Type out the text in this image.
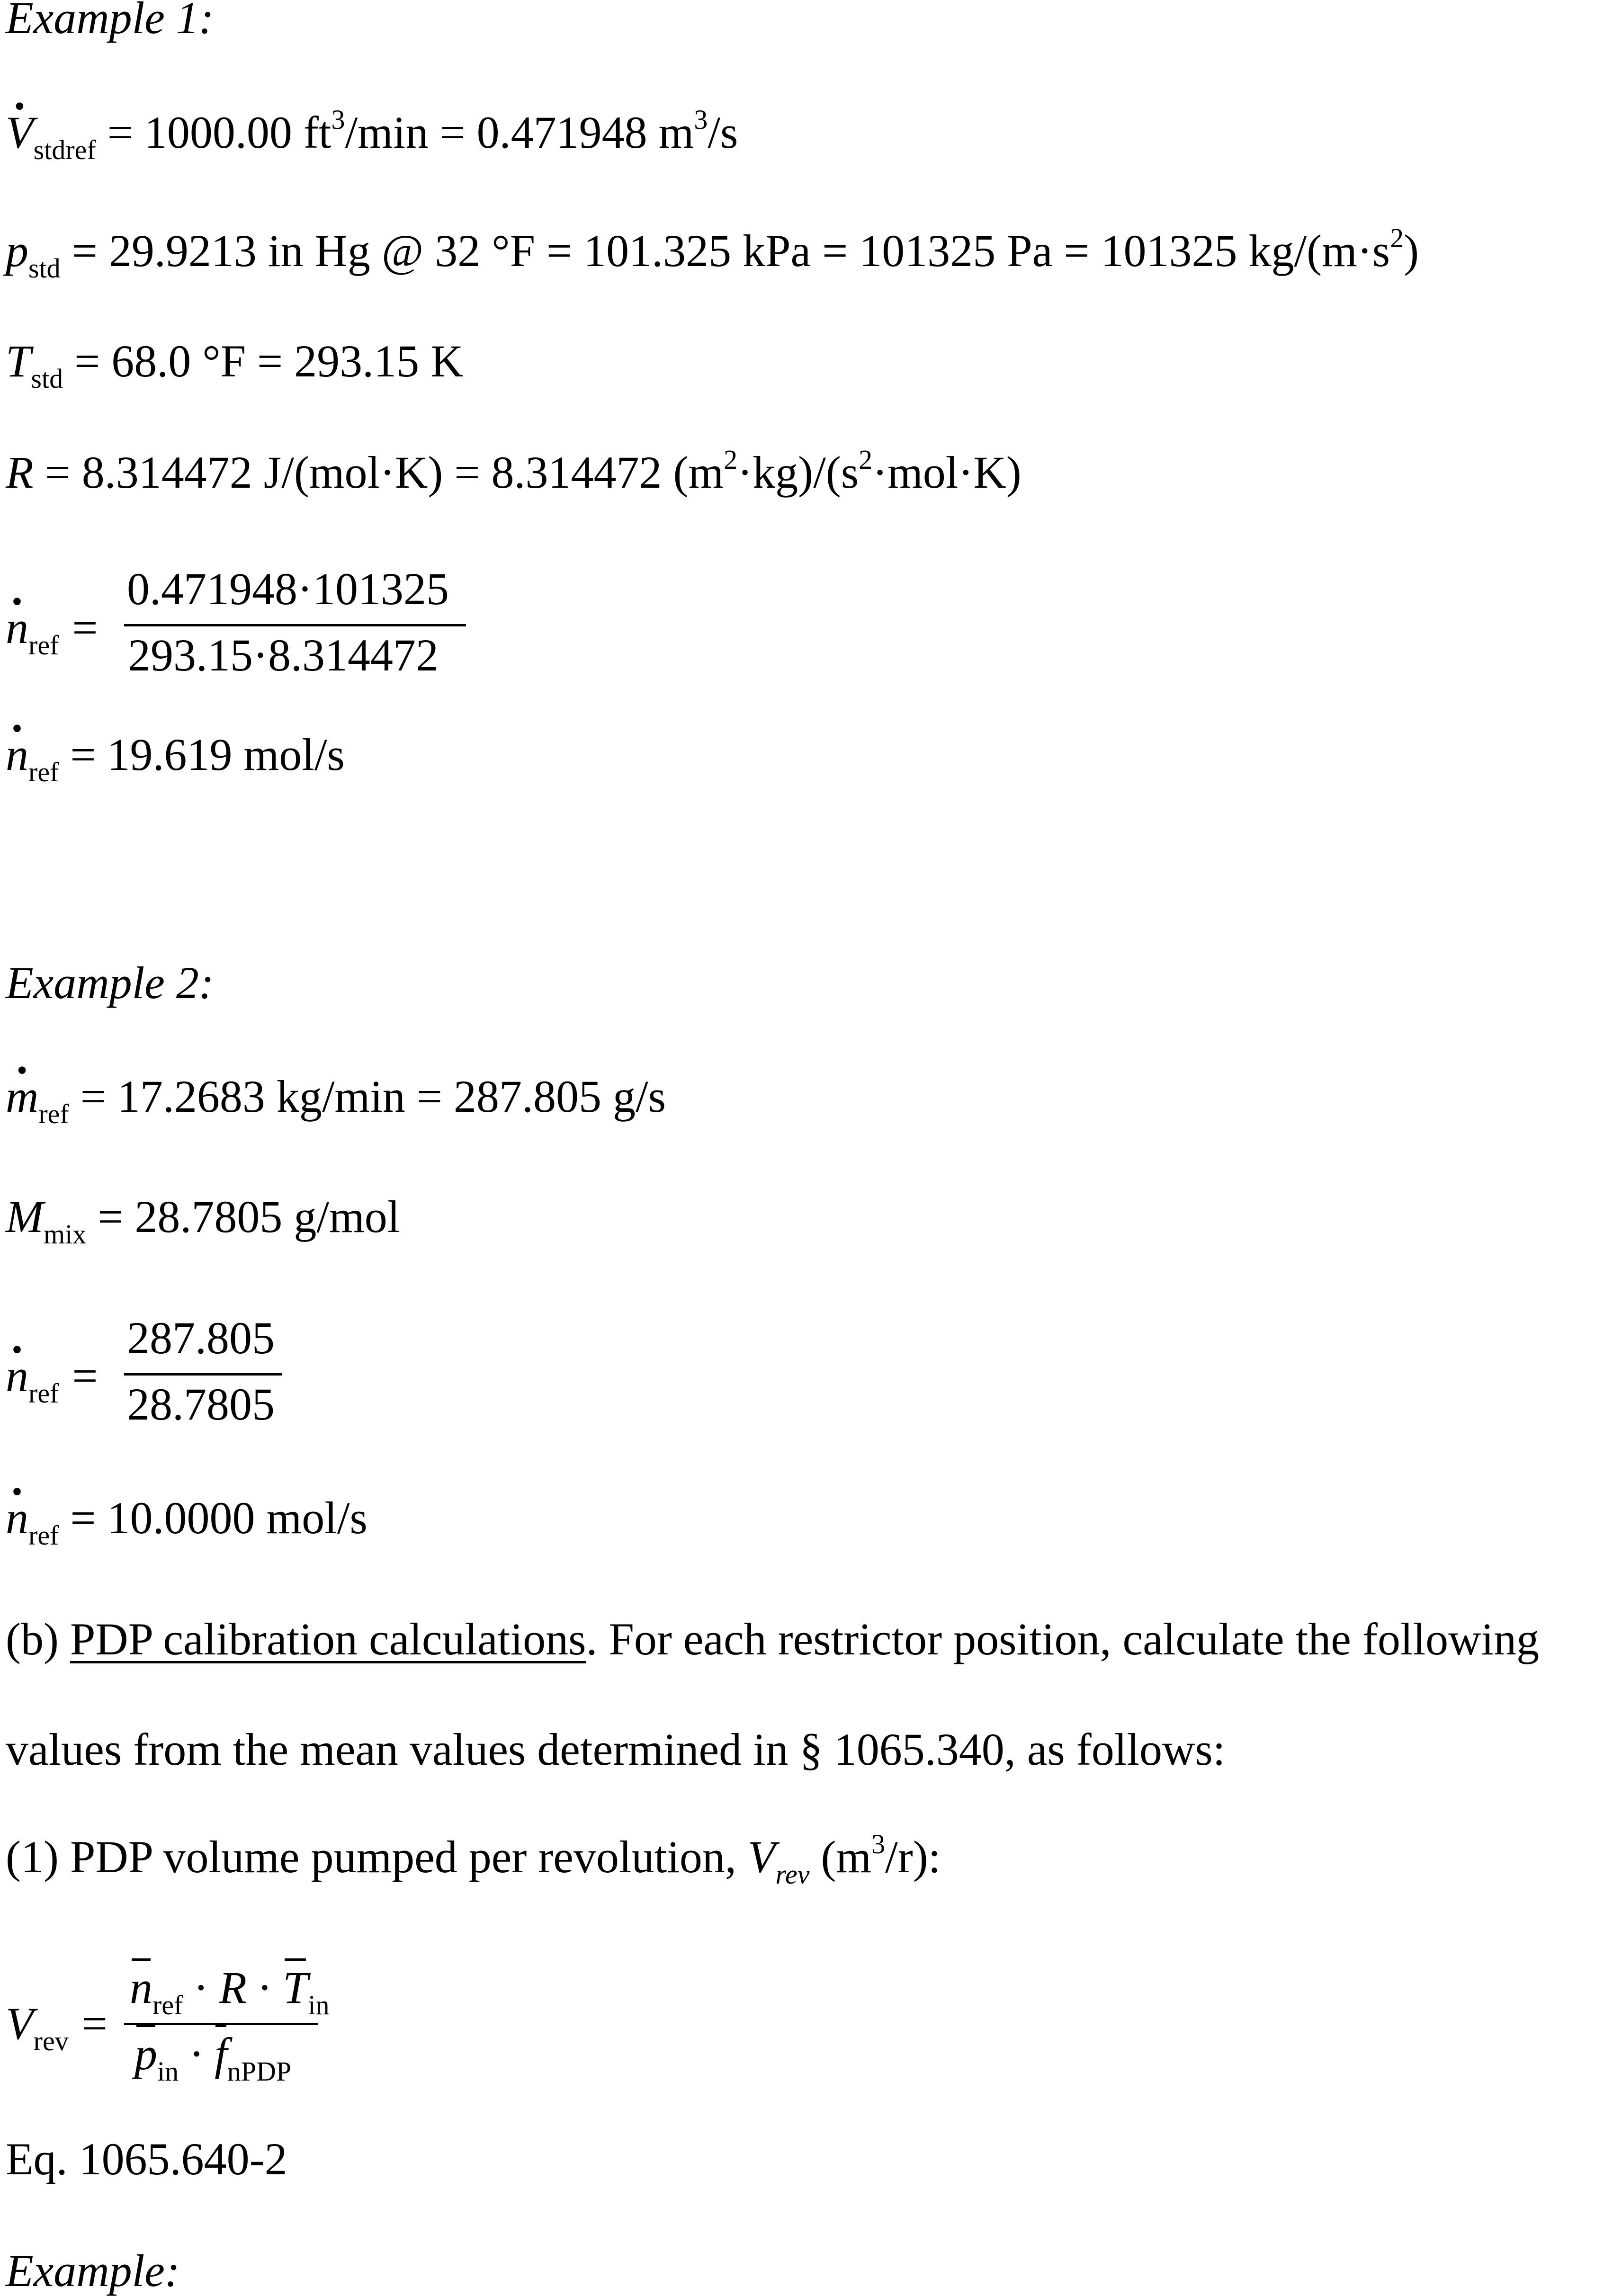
Example 1:
· $V_{stdref} = 1000.00$ $ft^3/\min = 0.471948$ $m^3/s$
$p_{std} = 29.9213$ in Hg @ 32 °F = 101.325 kPa = 101325 Pa = 101325 $kg/(m\cdot s^2)$
$T_{std} = 68.0$ °F = 293.15 K
R = 8.314472 J/(mol·K) = 8.314472 $(m^2\cdot kg)/(s^2\cdot mol\cdot K)$
· $n_{ref}$ =
0.471948·101325
293.15·8.314472
· $n_{ref} = 19.619$ mol/s
Example 2:
· $m_{ref} = 17.2683$ kg/min = 287.805 g/s
$M_{mix} = 28.7805$ g/mol
· $n_{ref}$ =
287.805
28.7805
· $n_{ref} = 10.0000$ mol/s
(b) PDP calibration calculations. For each restrictor position, calculate the following
values from the mean values determined in § 1065.340, as follows:
(1) PDP volume pumped per revolution, $V_{rev}$ $(m^3/r)$:
$V_{rev}$ =
$n_{ref} \cdot R \cdot T_{in}$
$p_{in} \cdot f_{nPDP}$
Eq. 1065.640-2
Example:
